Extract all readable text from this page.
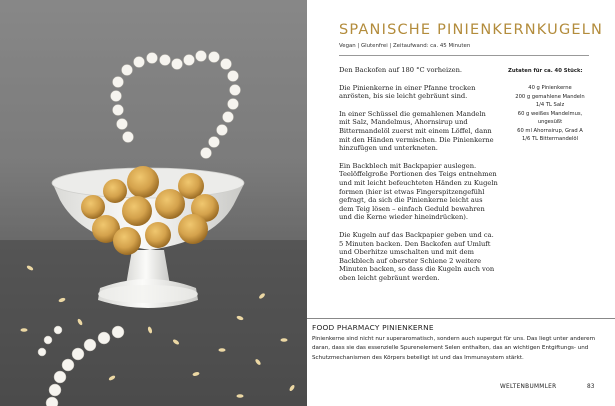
SPANISCHE PINIENKERNKUGELN
Vegan | Glutenfrei | Zeitaufwand: ca. 45 Minuten

Den Backofen auf 180 °C vorheizen.

Die Pinienkerne in einer Pfanne trocken anrösten, bis sie leicht gebräunt sind.

In einer Schüssel die gemahlenen Mandeln mit Salz, Mandelmus, Ahornsirup und Bittermandelöl zuerst mit einem Löffel, dann mit den Händen vermischen. Die Pinienkerne hinzufügen und unterkneten.

Ein Backblech mit Backpapier auslegen. Teelöffelgroße Portionen des Teigs entnehmen und mit leicht befeuchteten Händen zu Kugeln formen (hier ist etwas Fingerspitzengefühl gefragt, da sich die Pinienkerne leicht aus dem Teig lösen – einfach Geduld bewahren und die Kerne wieder hineindrücken).

Die Kugeln auf das Backpapier geben und ca. 5 Minuten backen. Den Backofen auf Umluft und Oberhitze umschalten und mit dem Backblech auf oberster Schiene 2 weitere Minuten backen, so dass die Kugeln auch von oben leicht gebräunt werden.

Zutaten für ca. 40 Stück:
40 g Pinienkerne
200 g gemahlene Mandeln
1/4 TL Salz
60 g weißes Mandelmus,
ungesüßt
60 ml Ahornsirup, Grad A
1/6 TL Bittermandelöl
FOOD PHARMACY PINIENKERNE

Pinienkerne sind nicht nur superaromatisch, sondern auch supergut für uns. Das liegt unter anderem daran, dass sie das essenzielle Spurenelement Selen enthalten, das an wichtigen Entgiftungs- und Schutzmechanismen des Körpers beteiligt ist und das Immunsystem stärkt.

WELTENBUMMLER	83
